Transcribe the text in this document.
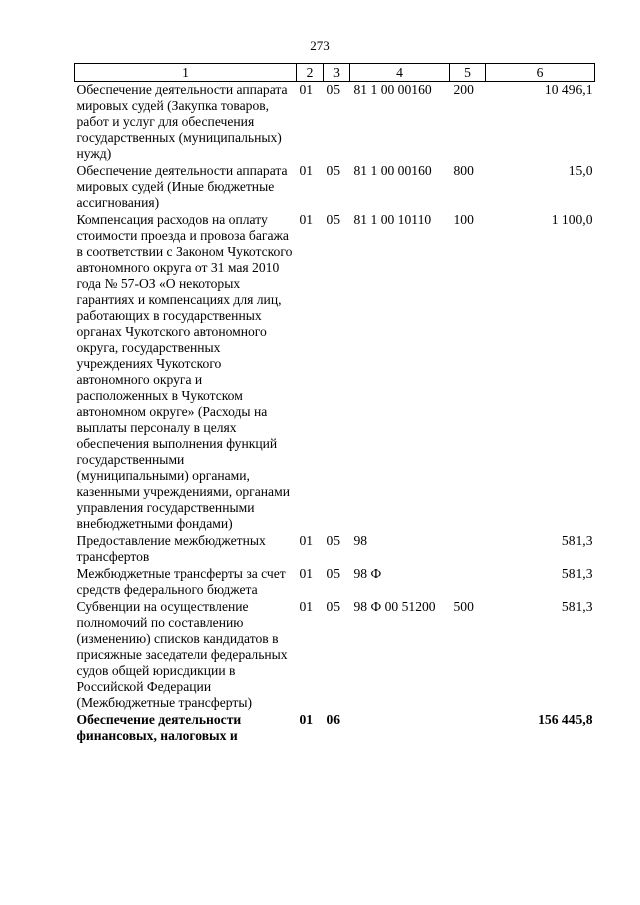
273
1	2	3	4	5	6
Обеспечение деятельности аппарата мировых судей (Закупка товаров, работ и услуг для обеспечения государственных (муниципальных) нужд)	01	05	81 1 00 00160	200	10 496,1
Обеспечение деятельности аппарата мировых судей (Иные бюджетные ассигнования)	01	05	81 1 00 00160	800	15,0
Компенсация расходов на оплату стоимости проезда и провоза багажа в соответствии с Законом Чукотского автономного округа от 31 мая 2010 года № 57-ОЗ «О некоторых гарантиях и компенсациях для лиц, работающих в государственных органах Чукотского автономного округа, государственных учреждениях Чукотского автономного округа и расположенных в Чукотском автономном округе» (Расходы на выплаты персоналу в целях обеспечения выполнения функций государственными (муниципальными) органами, казенными учреждениями, органами управления государственными внебюджетными фондами)	01	05	81 1 00 10110	100	1 100,0
Предоставление межбюджетных трансфертов	01	05	98		581,3
Межбюджетные трансферты за счет средств федерального бюджета	01	05	98 Ф		581,3
Субвенции на осуществление полномочий по составлению (изменению) списков кандидатов в присяжные заседатели федеральных судов общей юрисдикции в Российской Федерации (Межбюджетные трансферты)	01	05	98 Ф 00 51200	500	581,3
Обеспечение деятельности финансовых, налоговых и	01	06			156 445,8
